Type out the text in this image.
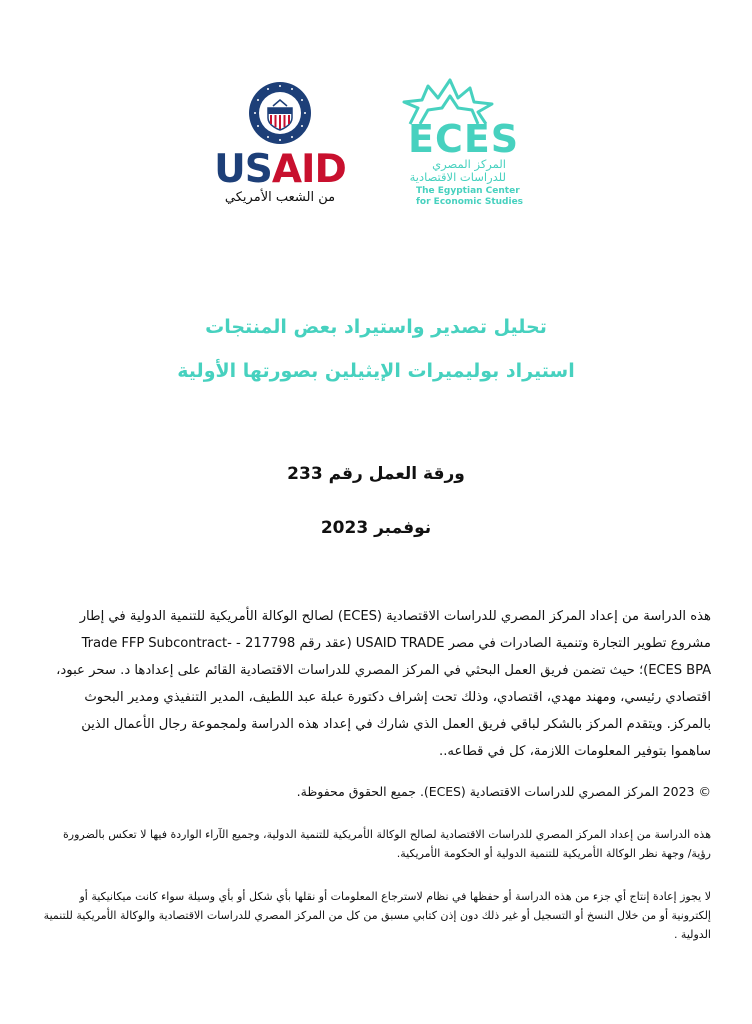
USAID
من الشعب الأمريكي
ECES
المركز المصري
للدراسات الاقتصادية
The Egyptian Center
for Economic Studies
تحليل تصدير واستيراد بعض المنتجات
استيراد بوليميرات الإيثيلين بصورتها الأولية
ورقة العمل رقم 233
نوفمبر 2023
هذه الدراسة من إعداد المركز المصري للدراسات الاقتصادية (ECES) لصالح الوكالة الأمريكية للتنمية الدولية في إطار
مشروع تطوير التجارة وتنمية الصادرات في مصر USAID TRADE (عقد رقم 217798 - -Trade FFP Subcontract
ECES BPA)؛ حيث تضمن فريق العمل البحثي في المركز المصري للدراسات الاقتصادية القائم على إعدادها د. سحر عبود،
اقتصادي رئيسي، ومهند مهدي، اقتصادي، وذلك تحت إشراف دكتورة عبلة عبد اللطيف، المدير التنفيذي ومدير البحوث
بالمركز. ويتقدم المركز بالشكر لباقي فريق العمل الذي شارك في إعداد هذه الدراسة ولمجموعة رجال الأعمال الذين
ساهموا بتوفير المعلومات اللازمة، كل في قطاعه..
© 2023 المركز المصري للدراسات الاقتصادية (ECES). جميع الحقوق محفوظة.
هذه الدراسة من إعداد المركز المصري للدراسات الاقتصادية لصالح الوكالة الأمريكية للتنمية الدولية، وجميع الآراء الواردة فيها لا تعكس بالضرورة رؤية/ وجهة نظر الوكالة الأمريكية للتنمية الدولية أو الحكومة الأمريكية.
لا يجوز إعادة إنتاج أي جزء من هذه الدراسة أو حفظها في نظام لاسترجاع المعلومات أو نقلها بأي شكل أو بأي وسيلة سواء كانت ميكانيكية أو إلكترونية أو من خلال النسخ أو التسجيل أو غير ذلك دون إذن كتابي مسبق من كل من المركز المصري للدراسات الاقتصادية والوكالة الأمريكية للتنمية الدولية .
